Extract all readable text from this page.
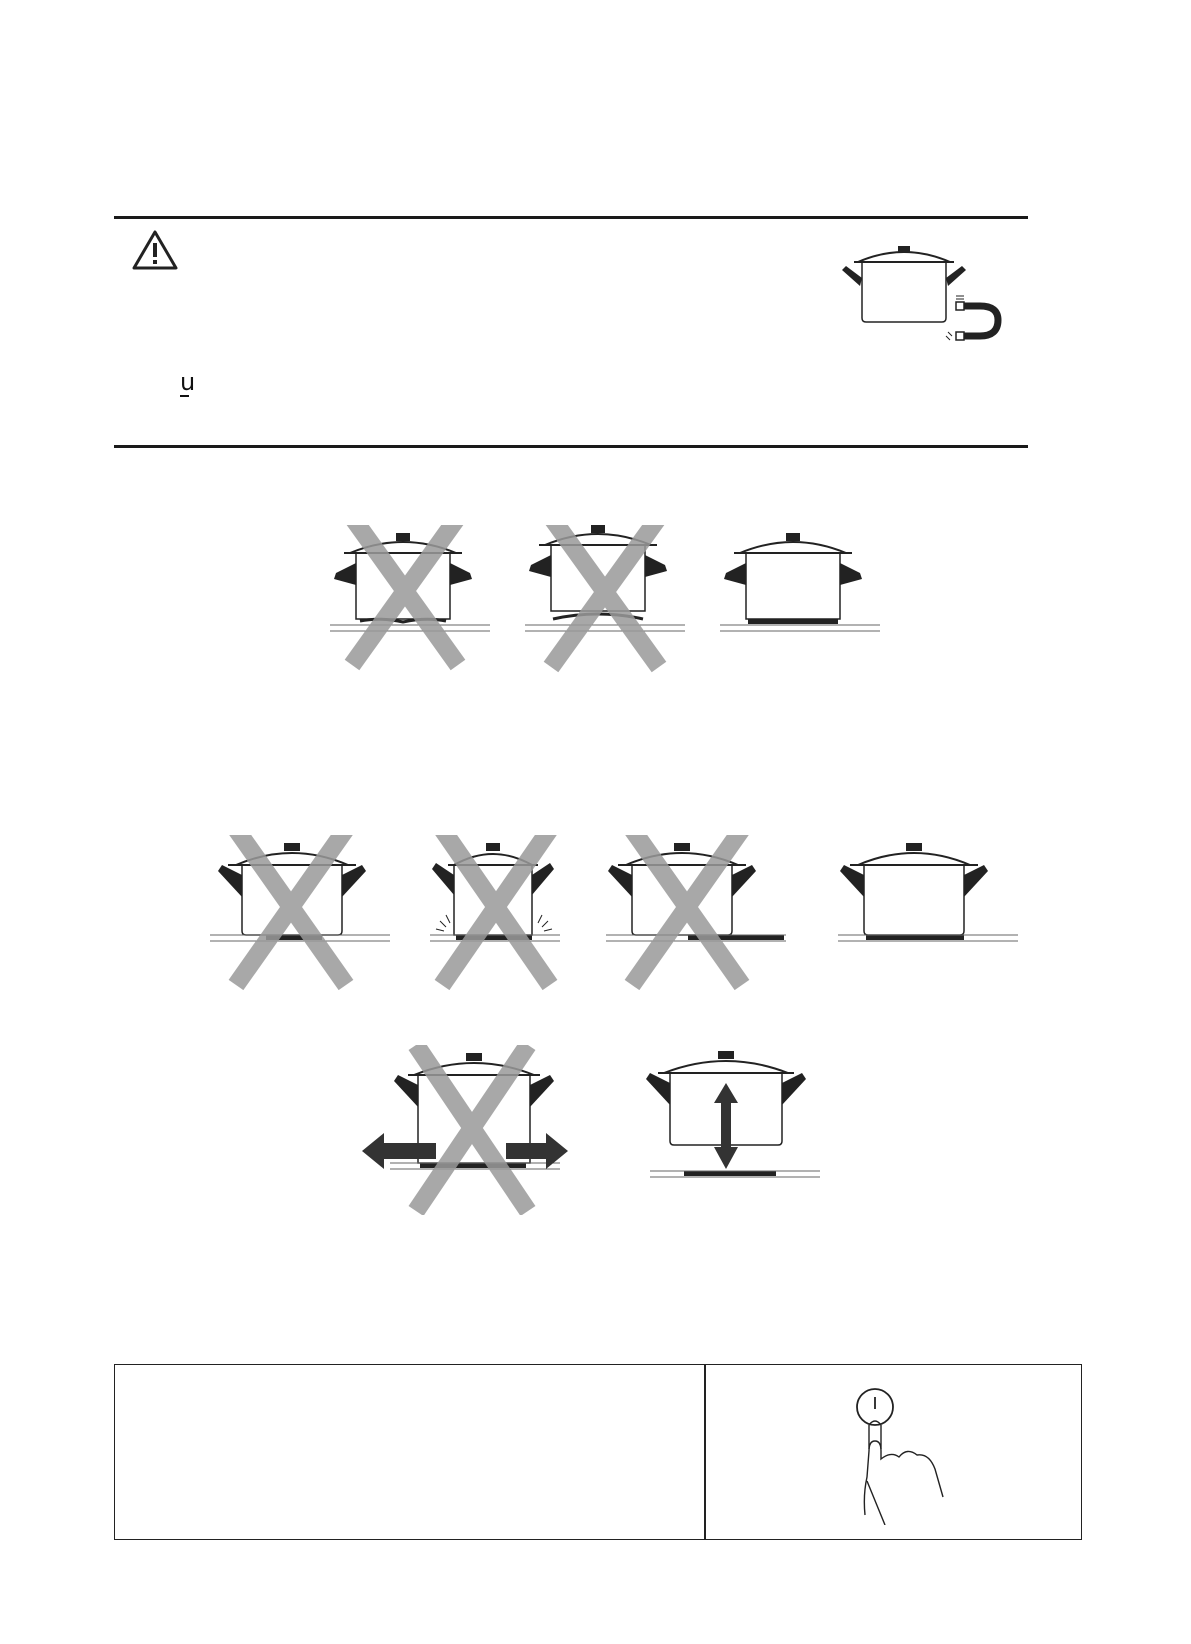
u
